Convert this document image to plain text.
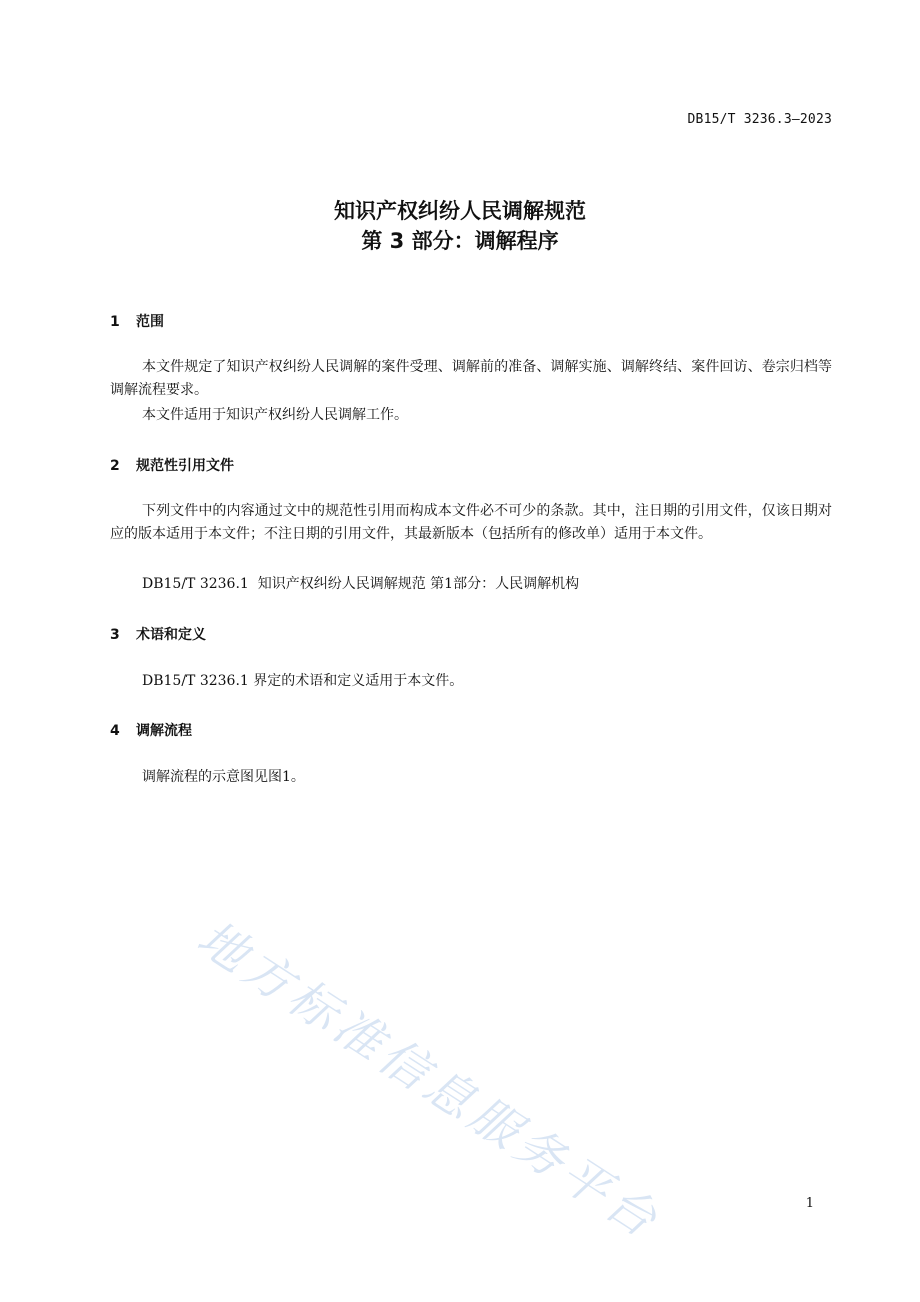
DB15/T 3236.3—2023
知识产权纠纷人民调解规范
第 3 部分：调解程序
1 范围
本文件规定了知识产权纠纷人民调解的案件受理、调解前的准备、调解实施、调解终结、案件回访、卷宗归档等调解流程要求。
本文件适用于知识产权纠纷人民调解工作。
2 规范性引用文件
下列文件中的内容通过文中的规范性引用而构成本文件必不可少的条款。其中，注日期的引用文件，仅该日期对应的版本适用于本文件；不注日期的引用文件，其最新版本（包括所有的修改单）适用于本文件。
DB15/T 3236.1  知识产权纠纷人民调解规范 第1部分：人民调解机构
3 术语和定义
DB15/T 3236.1 界定的术语和定义适用于本文件。
4 调解流程
调解流程的示意图见图1。
地方标准信息服务平台	1
